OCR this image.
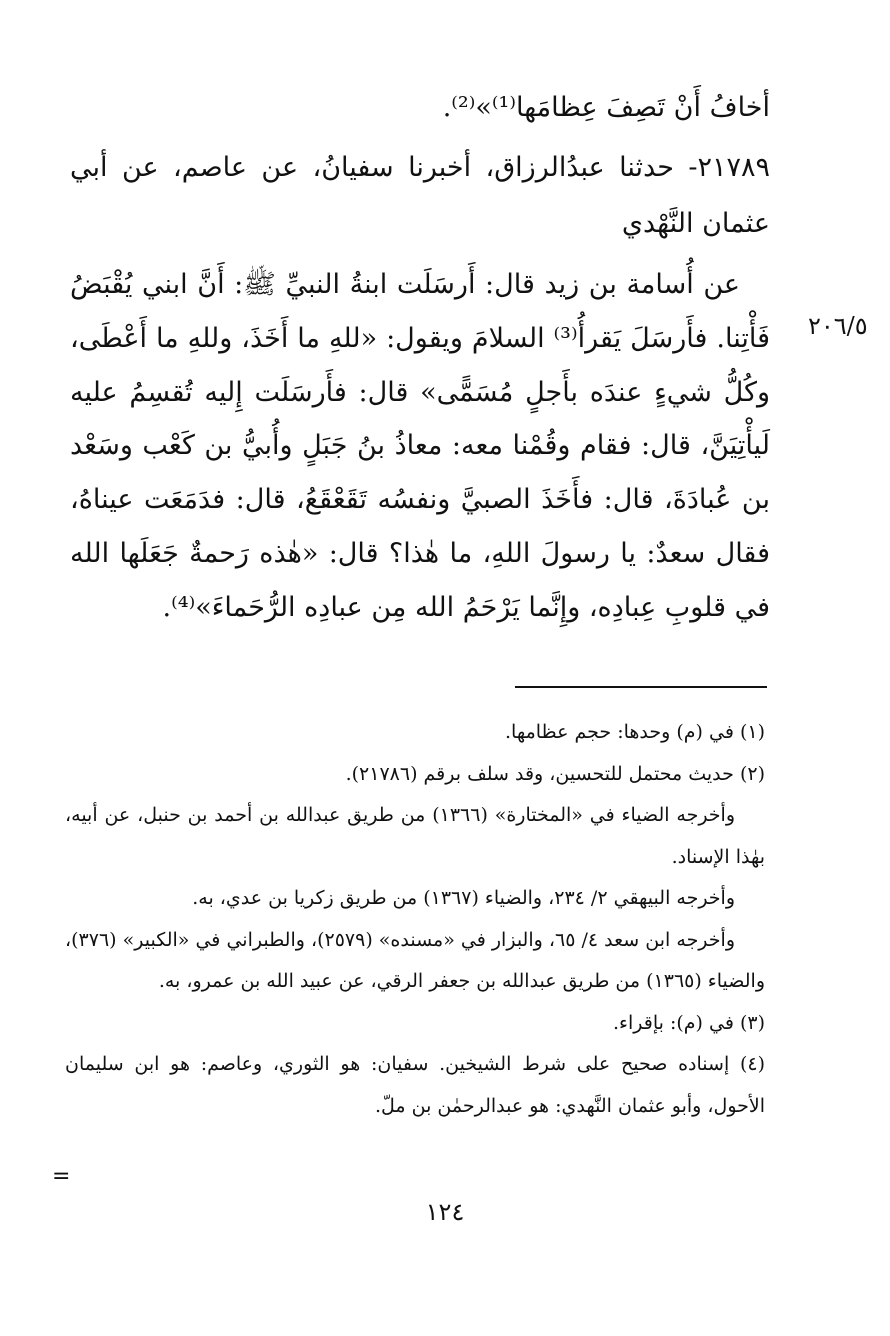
أخافُ أَنْ تَصِفَ عِظامَها⁽¹⁾»⁽²⁾.

٢١٧٨٩- حدثنا عبدُالرزاق، أخبرنا سفيانُ، عن عاصم، عن أبي عثمان النَّهْدي

عن أُسامة بن زيد قال: أَرسَلَت ابنةُ النبيِّ ﷺ: أَنَّ ابني يُقْبَضُ فَأْتِنا. فأَرسَلَ يَقرأُ⁽³⁾ السلامَ ويقول: «للهِ ما أَخَذَ، وللهِ ما أَعْطَى، وكُلُّ شيءٍ عندَه بأَجلٍ مُسَمًّى» قال: فأَرسَلَت إِليه تُقسِمُ عليه لَيأْتِيَنَّ، قال: فقام وقُمْنا معه: معاذُ بنُ جَبَلٍ وأُبيُّ بن كَعْب وسَعْد بن عُبادَةَ، قال: فأَخَذَ الصبيَّ ونفسُه تَقَعْقَعُ، قال: فدَمَعَت عيناهُ، فقال سعدٌ: يا رسولَ اللهِ، ما هٰذا؟ قال: «هٰذه رَحمةٌ جَعَلَها الله في قلوبِ عِبادِه، وإِنَّما يَرْحَمُ الله مِن عبادِه الرُّحَماءَ»⁽⁴⁾.

٢٠٦/٥

(١) في (م) وحدها: حجم عظامها.

(٢) حديث محتمل للتحسين، وقد سلف برقم (٢١٧٨٦).

وأخرجه الضياء في «المختارة» (١٣٦٦) من طريق عبدالله بن أحمد بن حنبل، عن أبيه، بهٰذا الإسناد.

وأخرجه البيهقي ٢/ ٢٣٤، والضياء (١٣٦٧) من طريق زكريا بن عدي، به.

وأخرجه ابن سعد ٤/ ٦٥، والبزار في «مسنده» (٢٥٧٩)، والطبراني في «الكبير» (٣٧٦)، والضياء (١٣٦٥) من طريق عبدالله بن جعفر الرقي، عن عبيد الله بن عمرو، به.

(٣) في (م): بإقراء.

(٤) إسناده صحيح على شرط الشيخين. سفيان: هو الثوري، وعاصم: هو ابن سليمان الأحول، وأبو عثمان النَّهدي: هو عبدالرحمٰن بن ملّ.

=
١٢٤
